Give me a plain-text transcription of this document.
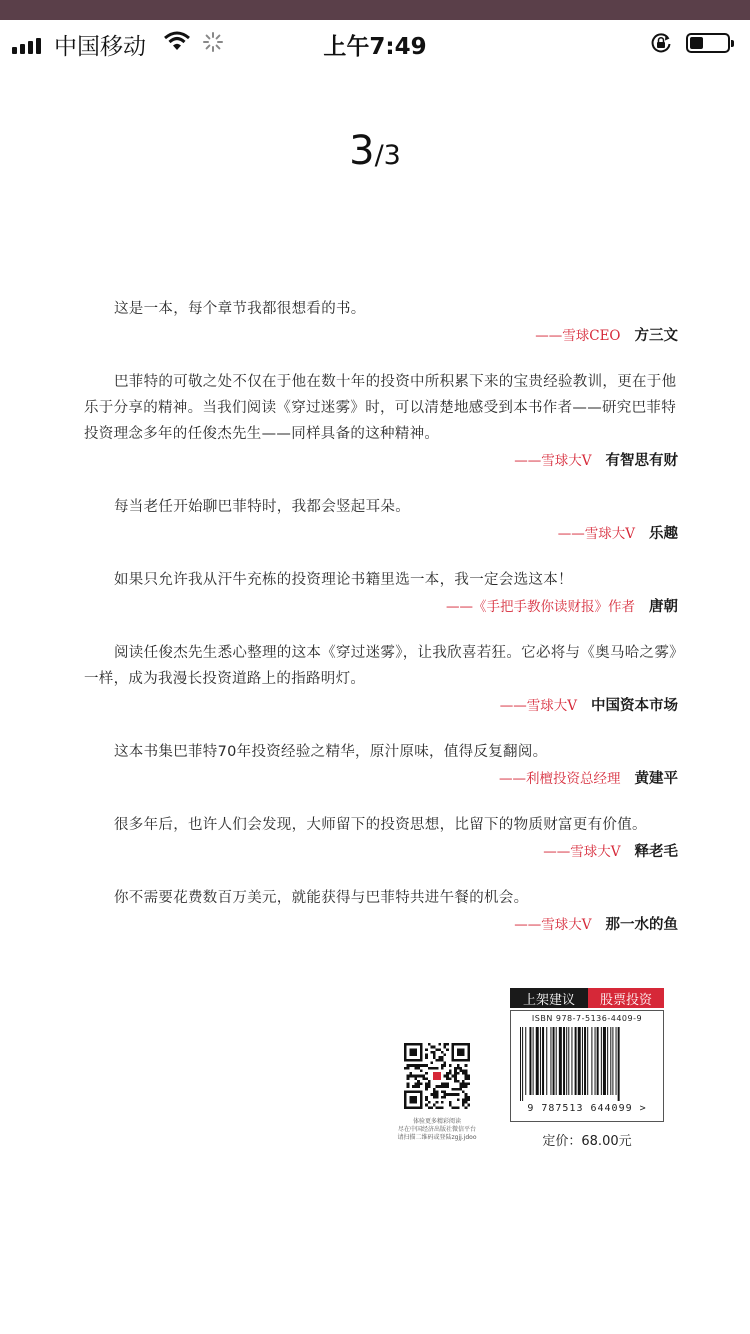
中国移动	上午7:49
3/3
这是一本，每个章节我都很想看的书。
——雪球CEO 方三文
巴菲特的可敬之处不仅在于他在数十年的投资中所积累下来的宝贵经验教训，更在于他乐于分享的精神。当我们阅读《穿过迷雾》时，可以清楚地感受到本书作者——研究巴菲特投资理念多年的任俊杰先生——同样具备的这种精神。
——雪球大V 有智思有财
每当老任开始聊巴菲特时，我都会竖起耳朵。
——雪球大V 乐趣
如果只允许我从汗牛充栋的投资理论书籍里选一本，我一定会选这本！
——《手把手教你读财报》作者 唐朝
阅读任俊杰先生悉心整理的这本《穿过迷雾》，让我欣喜若狂。它必将与《奥马哈之雾》一样，成为我漫长投资道路上的指路明灯。
——雪球大V 中国资本市场
这本书集巴菲特70年投资经验之精华，原汁原味，值得反复翻阅。
——利檀投资总经理 黄建平
很多年后，也许人们会发现，大师留下的投资思想，比留下的物质财富更有价值。
——雪球大V 释老毛
你不需要花费数百万美元，就能获得与巴菲特共进午餐的机会。
——雪球大V 那一水的鱼
体验更多精彩阅读
尽在中国经济出版社微信平台
请扫描二维码或登陆zgjj.jdoo
上架建议	股票投资
ISBN 978-7-5136-4409-9
9 787513 644099 >
定价：68.00元
